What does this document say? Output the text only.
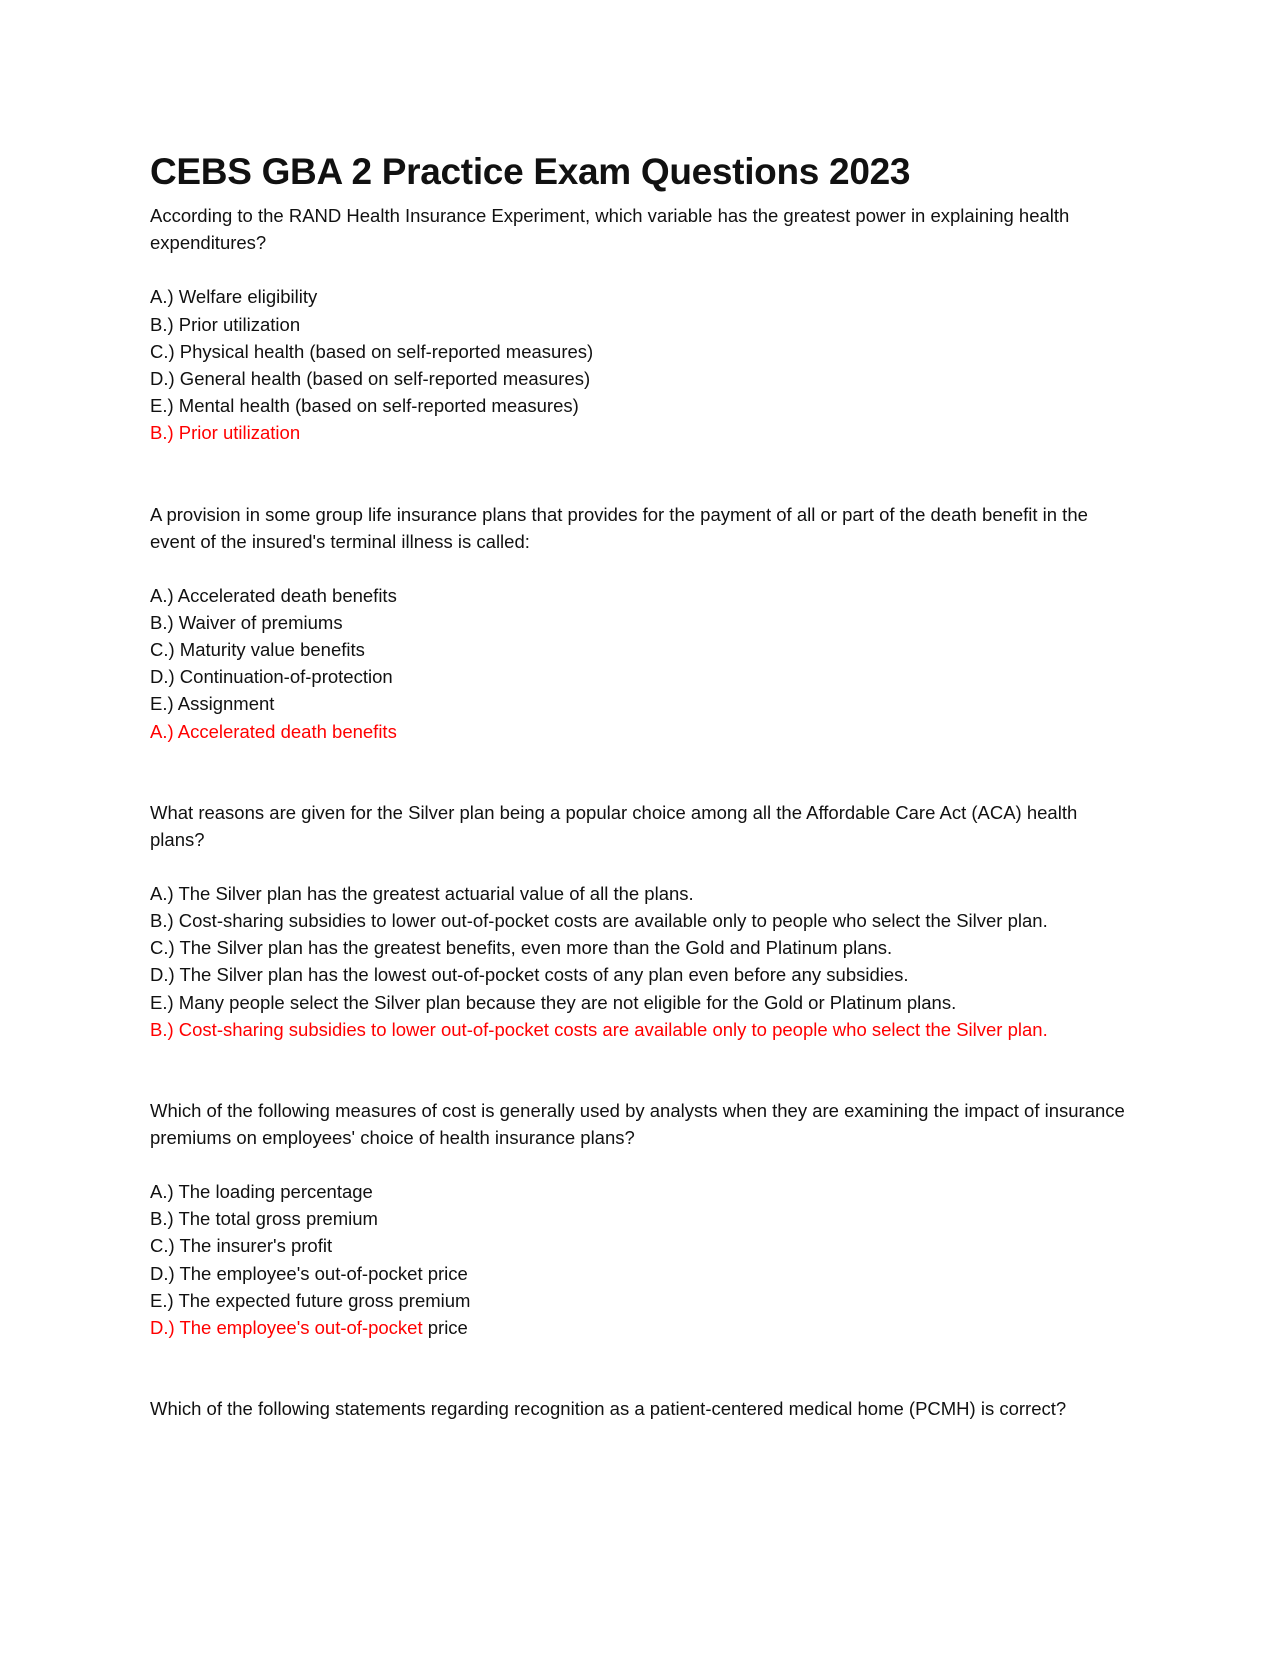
CEBS GBA 2 Practice Exam Questions 2023

According to the RAND Health Insurance Experiment, which variable has the greatest power in explaining health expenditures?

A.) Welfare eligibility
B.) Prior utilization
C.) Physical health (based on self-reported measures)
D.) General health (based on self-reported measures)
E.) Mental health (based on self-reported measures)
B.) Prior utilization

A provision in some group life insurance plans that provides for the payment of all or part of the death benefit in the event of the insured's terminal illness is called:

A.) Accelerated death benefits
B.) Waiver of premiums
C.) Maturity value benefits
D.) Continuation-of-protection
E.) Assignment
A.) Accelerated death benefits

What reasons are given for the Silver plan being a popular choice among all the Affordable Care Act (ACA) health plans?

A.) The Silver plan has the greatest actuarial value of all the plans.
B.) Cost-sharing subsidies to lower out-of-pocket costs are available only to people who select the Silver plan.
C.) The Silver plan has the greatest benefits, even more than the Gold and Platinum plans.
D.) The Silver plan has the lowest out-of-pocket costs of any plan even before any subsidies.
E.) Many people select the Silver plan because they are not eligible for the Gold or Platinum plans.
B.) Cost-sharing subsidies to lower out-of-pocket costs are available only to people who select the Silver plan.

Which of the following measures of cost is generally used by analysts when they are examining the impact of insurance premiums on employees' choice of health insurance plans?

A.) The loading percentage
B.) The total gross premium
C.) The insurer's profit
D.) The employee's out-of-pocket price
E.) The expected future gross premium
D.) The employee's out-of-pocket price

Which of the following statements regarding recognition as a patient-centered medical home (PCMH) is correct?
